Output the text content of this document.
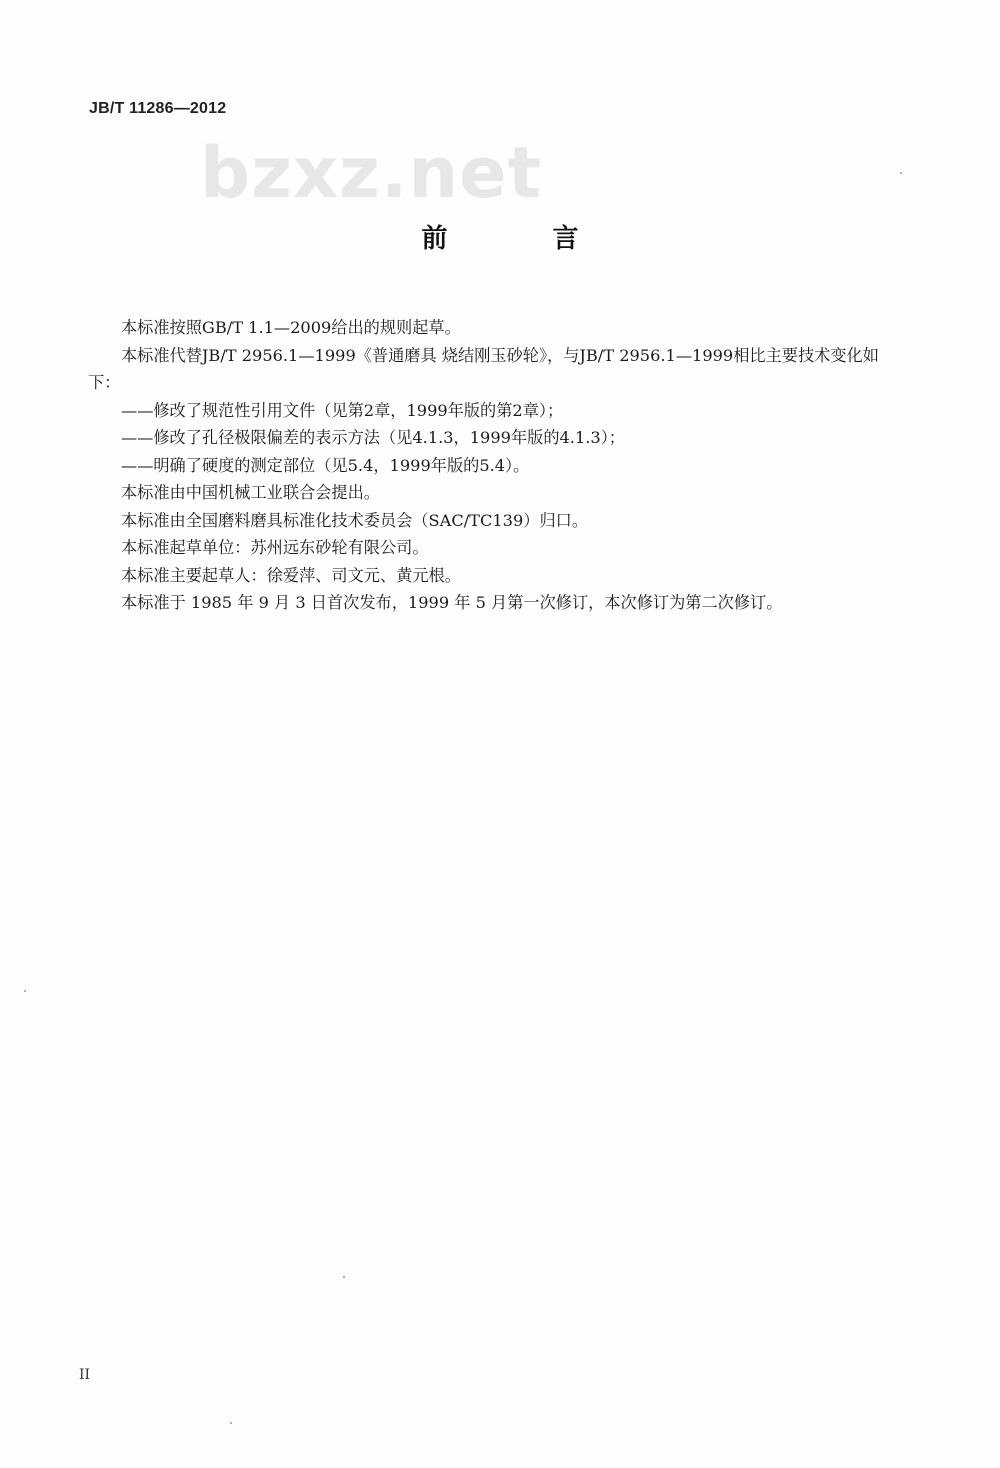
JB/T 11286—2012
bzxz.net
前 言

本标准按照GB/T 1.1—2009给出的规则起草。

本标准代替JB/T 2956.1—1999《普通磨具 烧结刚玉砂轮》，与JB/T 2956.1—1999相比主要技术变化如下：

——修改了规范性引用文件（见第2章，1999年版的第2章）；

——修改了孔径极限偏差的表示方法（见4.1.3，1999年版的4.1.3）；

——明确了硬度的测定部位（见5.4，1999年版的5.4）。

本标准由中国机械工业联合会提出。

本标准由全国磨料磨具标准化技术委员会（SAC/TC139）归口。

本标准起草单位：苏州远东砂轮有限公司。

本标准主要起草人：徐爱萍、司文元、黄元根。

本标准于 1985 年 9 月 3 日首次发布，1999 年 5 月第一次修订，本次修订为第二次修订。

II
